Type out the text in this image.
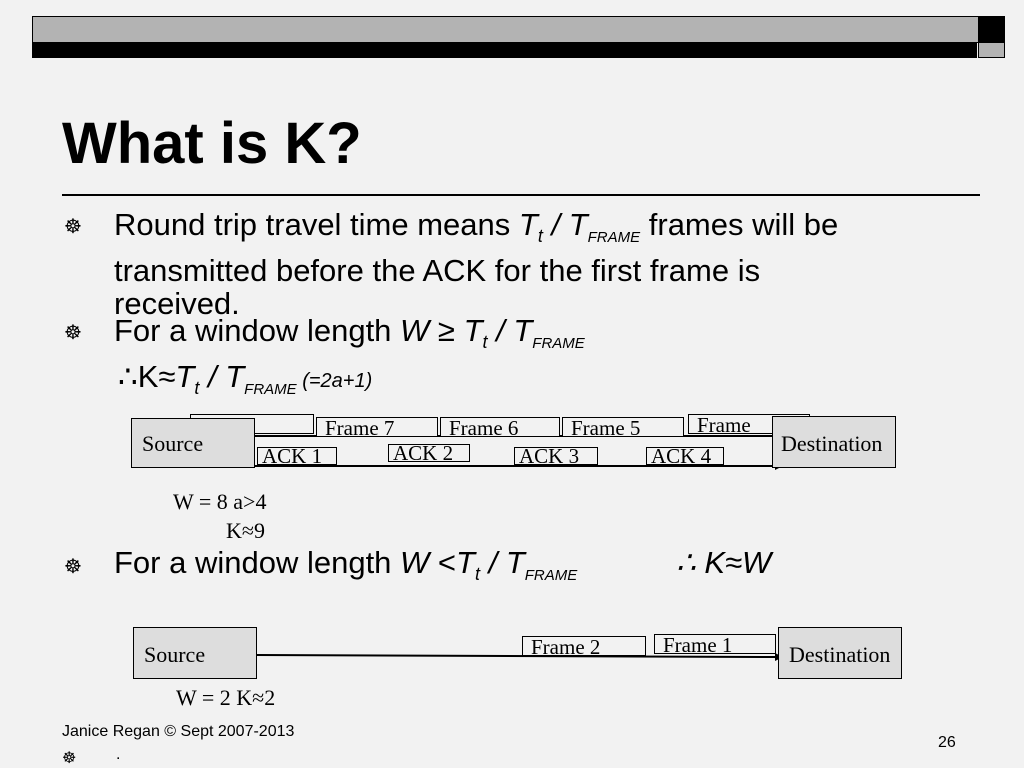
What is K?
☸ Round trip travel time means $T_t / T_{FRAME}$ frames will be
transmitted before the ACK for the first frame is
received.
☸ For a window length $W \ge T_t / T_{FRAME}$
$\therefore K\approx T_t / T_{FRAME}$ (=2a+1)
Frame 7	Frame 6	Frame 5	Frame
ACK 1	ACK 2	ACK 3	ACK 4
Source	Destination
W = 8 a>4
K≈9
☸ For a window length $W <T_t / T_{FRAME}$	∴ K≈W
Frame 2	Frame 1
Source	Destination
W = 2 K≈2
Janice Regan © Sept 2007-2013
26
☸ .
